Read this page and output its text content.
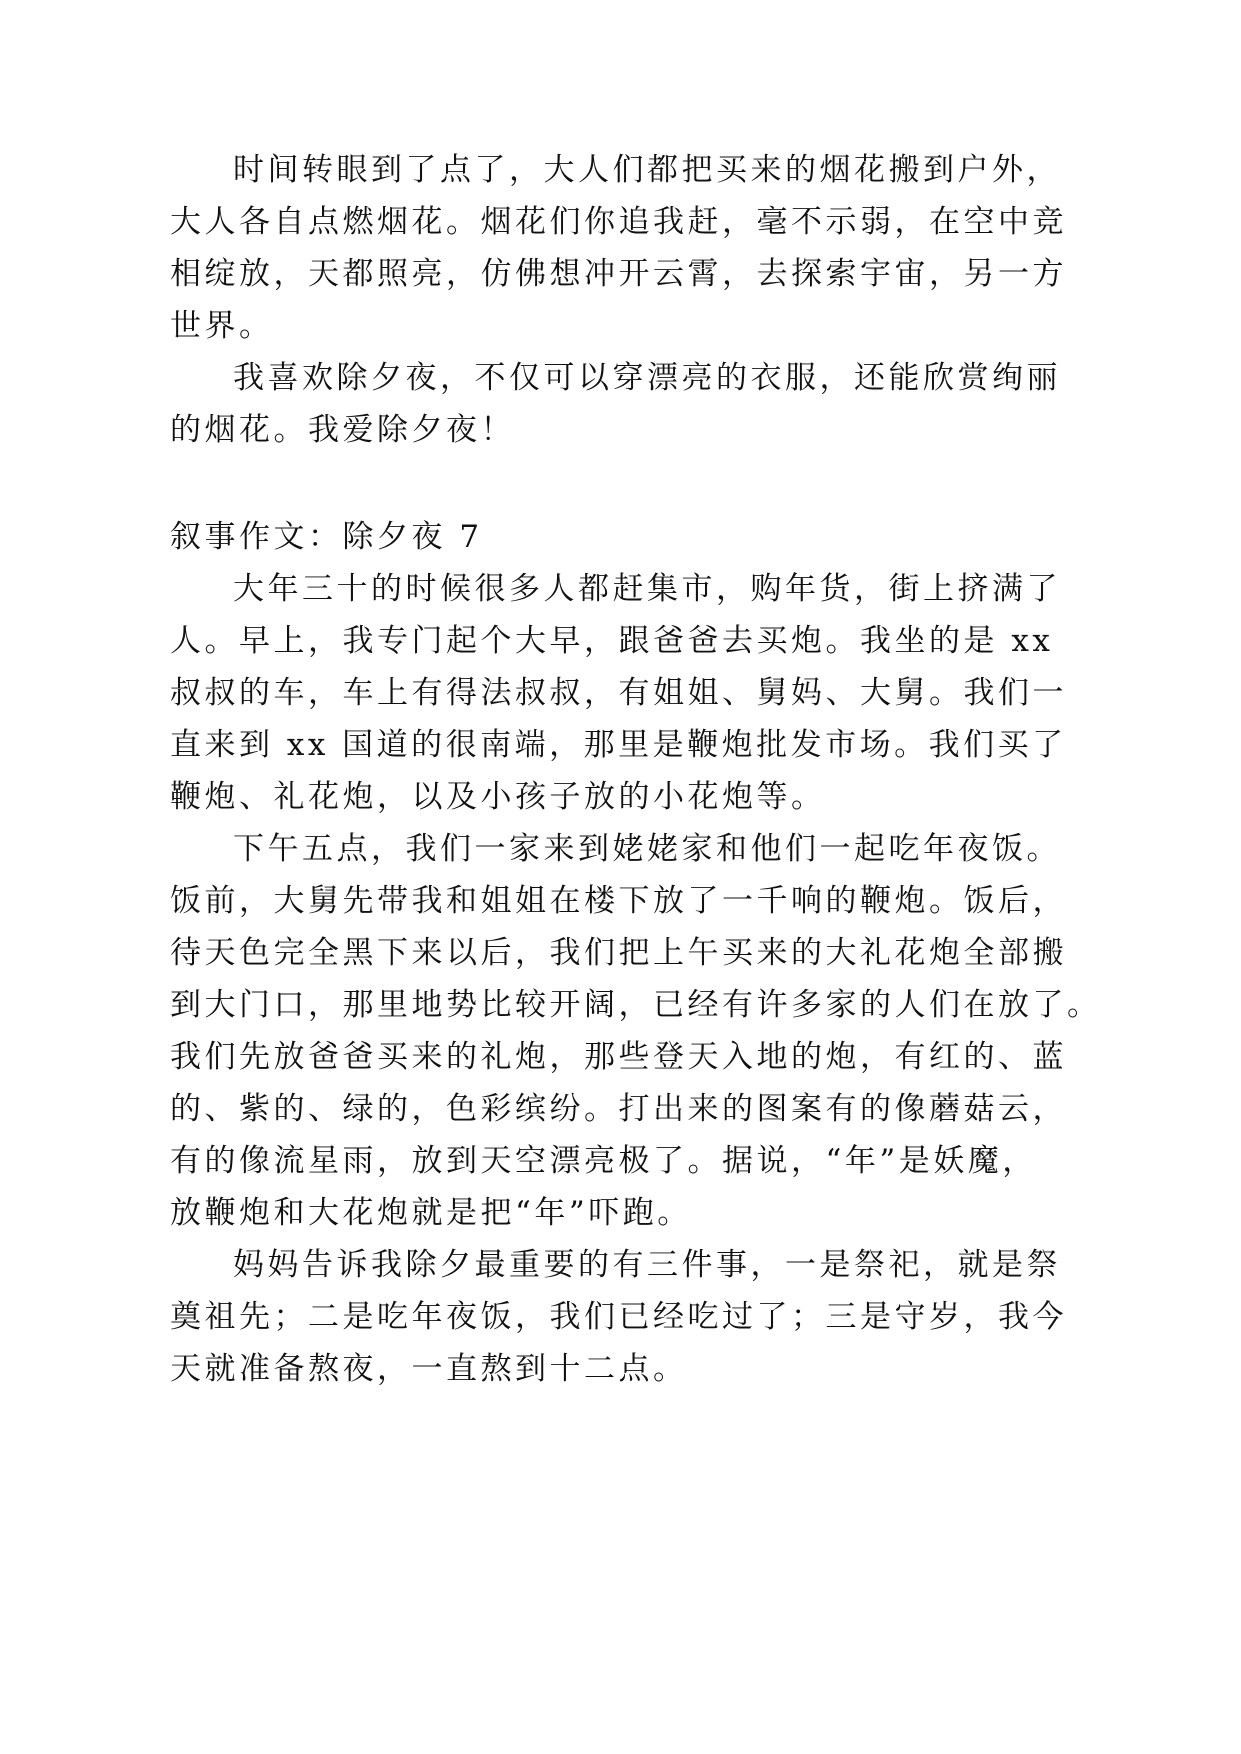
时间转眼到了点了，大人们都把买来的烟花搬到户外，
大人各自点燃烟花。烟花们你追我赶，毫不示弱，在空中竞
相绽放，天都照亮，仿佛想冲开云霄，去探索宇宙，另一方
世界。
我喜欢除夕夜，不仅可以穿漂亮的衣服，还能欣赏绚丽
的烟花。我爱除夕夜！
叙事作文：除夕夜 7
大年三十的时候很多人都赶集市，购年货，街上挤满了
人。早上，我专门起个大早，跟爸爸去买炮。我坐的是 xx
叔叔的车，车上有得法叔叔，有姐姐、舅妈、大舅。我们一
直来到 xx 国道的很南端，那里是鞭炮批发市场。我们买了
鞭炮、礼花炮，以及小孩子放的小花炮等。
下午五点，我们一家来到姥姥家和他们一起吃年夜饭。
饭前，大舅先带我和姐姐在楼下放了一千响的鞭炮。饭后，
待天色完全黑下来以后，我们把上午买来的大礼花炮全部搬
到大门口，那里地势比较开阔，已经有许多家的人们在放了。
我们先放爸爸买来的礼炮，那些登天入地的炮，有红的、蓝
的、紫的、绿的，色彩缤纷。打出来的图案有的像蘑菇云，
有的像流星雨，放到天空漂亮极了。据说，“年”是妖魔，
放鞭炮和大花炮就是把“年”吓跑。
妈妈告诉我除夕最重要的有三件事，一是祭祀，就是祭
奠祖先；二是吃年夜饭，我们已经吃过了；三是守岁，我今
天就准备熬夜，一直熬到十二点。
